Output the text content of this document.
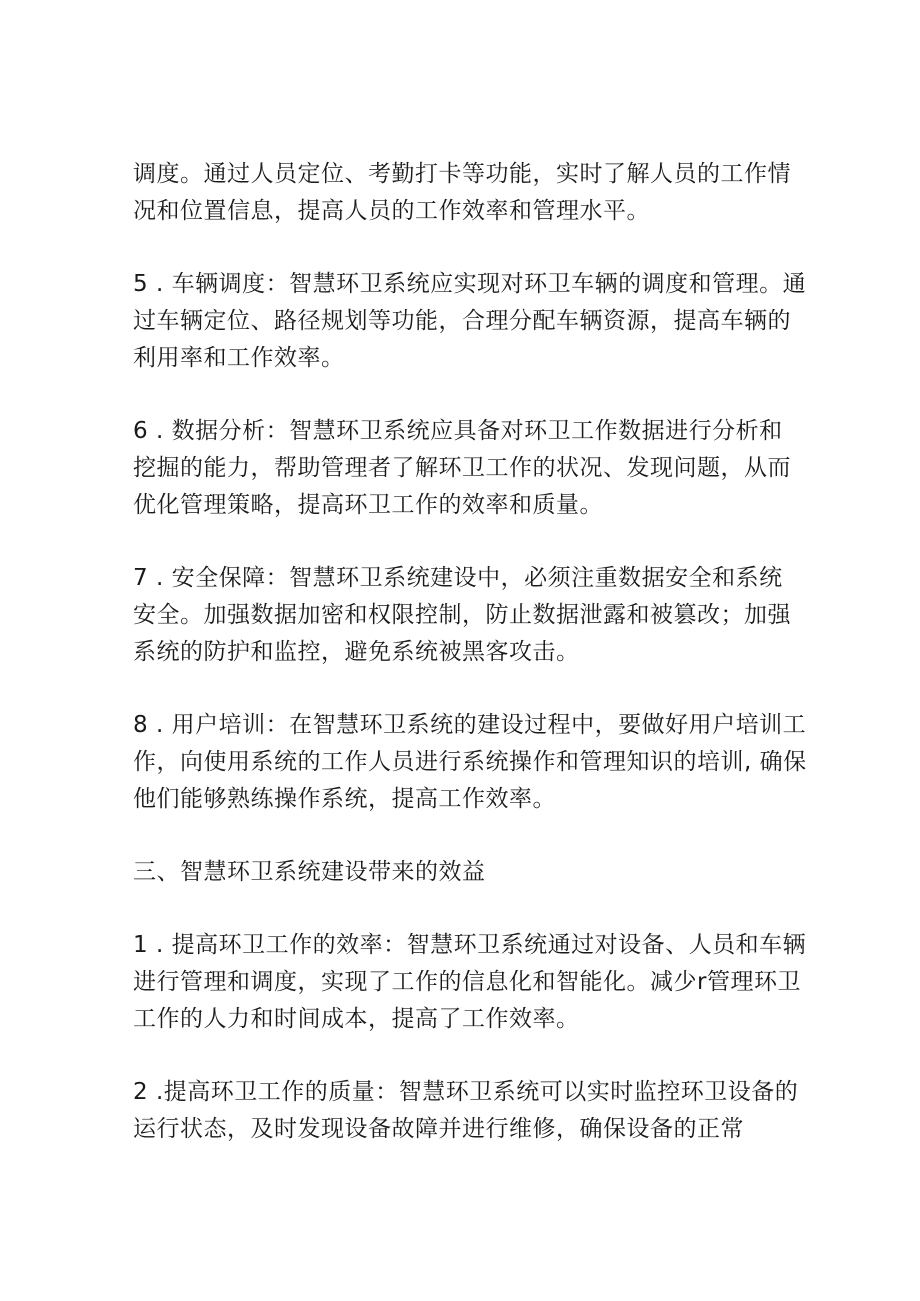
调度。通过人员定位、考勤打卡等功能，实时了解人员的工作情
况和位置信息，提高人员的工作效率和管理水平。

5 . 车辆调度：智慧环卫系统应实现对环卫车辆的调度和管理。通
过车辆定位、路径规划等功能，合理分配车辆资源，提高车辆的
利用率和工作效率。

6 . 数据分析：智慧环卫系统应具备对环卫工作数据进行分析和
挖掘的能力，帮助管理者了解环卫工作的状况、发现问题，从而
优化管理策略，提高环卫工作的效率和质量。

7 . 安全保障：智慧环卫系统建设中，必须注重数据安全和系统
安全。加强数据加密和权限控制，防止数据泄露和被篡改；加强
系统的防护和监控，避免系统被黑客攻击。

8 . 用户培训：在智慧环卫系统的建设过程中，要做好用户培训工
作，向使用系统的工作人员进行系统操作和管理知识的培训, 确保
他们能够熟练操作系统，提高工作效率。

三、智慧环卫系统建设带来的效益

1 . 提高环卫工作的效率：智慧环卫系统通过对设备、人员和车辆
进行管理和调度，实现了工作的信息化和智能化。减少r管理环卫
工作的人力和时间成本，提高了工作效率。

2 .提高环卫工作的质量：智慧环卫系统可以实时监控环卫设备的
运行状态，及时发现设备故障并进行维修，确保设备的正常
